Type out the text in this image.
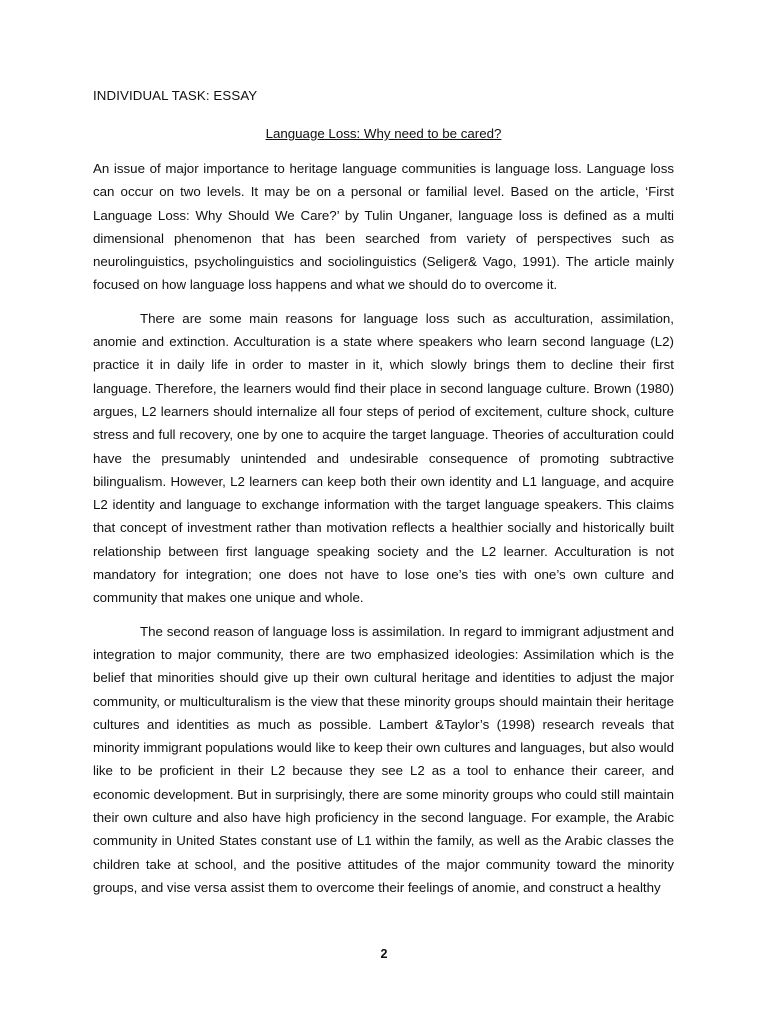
INDIVIDUAL TASK: ESSAY

Language Loss: Why need to be cared?

An issue of major importance to heritage language communities is language loss. Language loss can occur on two levels. It may be on a personal or familial level. Based on the article, ‘First Language Loss: Why Should We Care?’ by Tulin Unganer, language loss is defined as a multi dimensional phenomenon that has been searched from variety of perspectives such as neurolinguistics, psycholinguistics and sociolinguistics (Seliger& Vago, 1991). The article mainly focused on how language loss happens and what we should do to overcome it.

There are some main reasons for language loss such as acculturation, assimilation, anomie and extinction. Acculturation is a state where speakers who learn second language (L2) practice it in daily life in order to master in it, which slowly brings them to decline their first language. Therefore, the learners would find their place in second language culture. Brown (1980) argues, L2 learners should internalize all four steps of period of excitement, culture shock, culture stress and full recovery, one by one to acquire the target language. Theories of acculturation could have the presumably unintended and undesirable consequence of promoting subtractive bilingualism. However, L2 learners can keep both their own identity and L1 language, and acquire L2 identity and language to exchange information with the target language speakers. This claims that concept of investment rather than motivation reflects a healthier socially and historically built relationship between first language speaking society and the L2 learner. Acculturation is not mandatory for integration; one does not have to lose one’s ties with one’s own culture and community that makes one unique and whole.

The second reason of language loss is assimilation. In regard to immigrant adjustment and integration to major community, there are two emphasized ideologies: Assimilation which is the belief that minorities should give up their own cultural heritage and identities to adjust the major community, or multiculturalism is the view that these minority groups should maintain their heritage cultures and identities as much as possible. Lambert &Taylor’s (1998) research reveals that minority immigrant populations would like to keep their own cultures and languages, but also would like to be proficient in their L2 because they see L2 as a tool to enhance their career, and economic development. But in surprisingly, there are some minority groups who could still maintain their own culture and also have high proficiency in the second language. For example, the Arabic community in United States constant use of L1 within the family, as well as the Arabic classes the children take at school, and the positive attitudes of the major community toward the minority groups, and vise versa assist them to overcome their feelings of anomie, and construct a healthy

2
